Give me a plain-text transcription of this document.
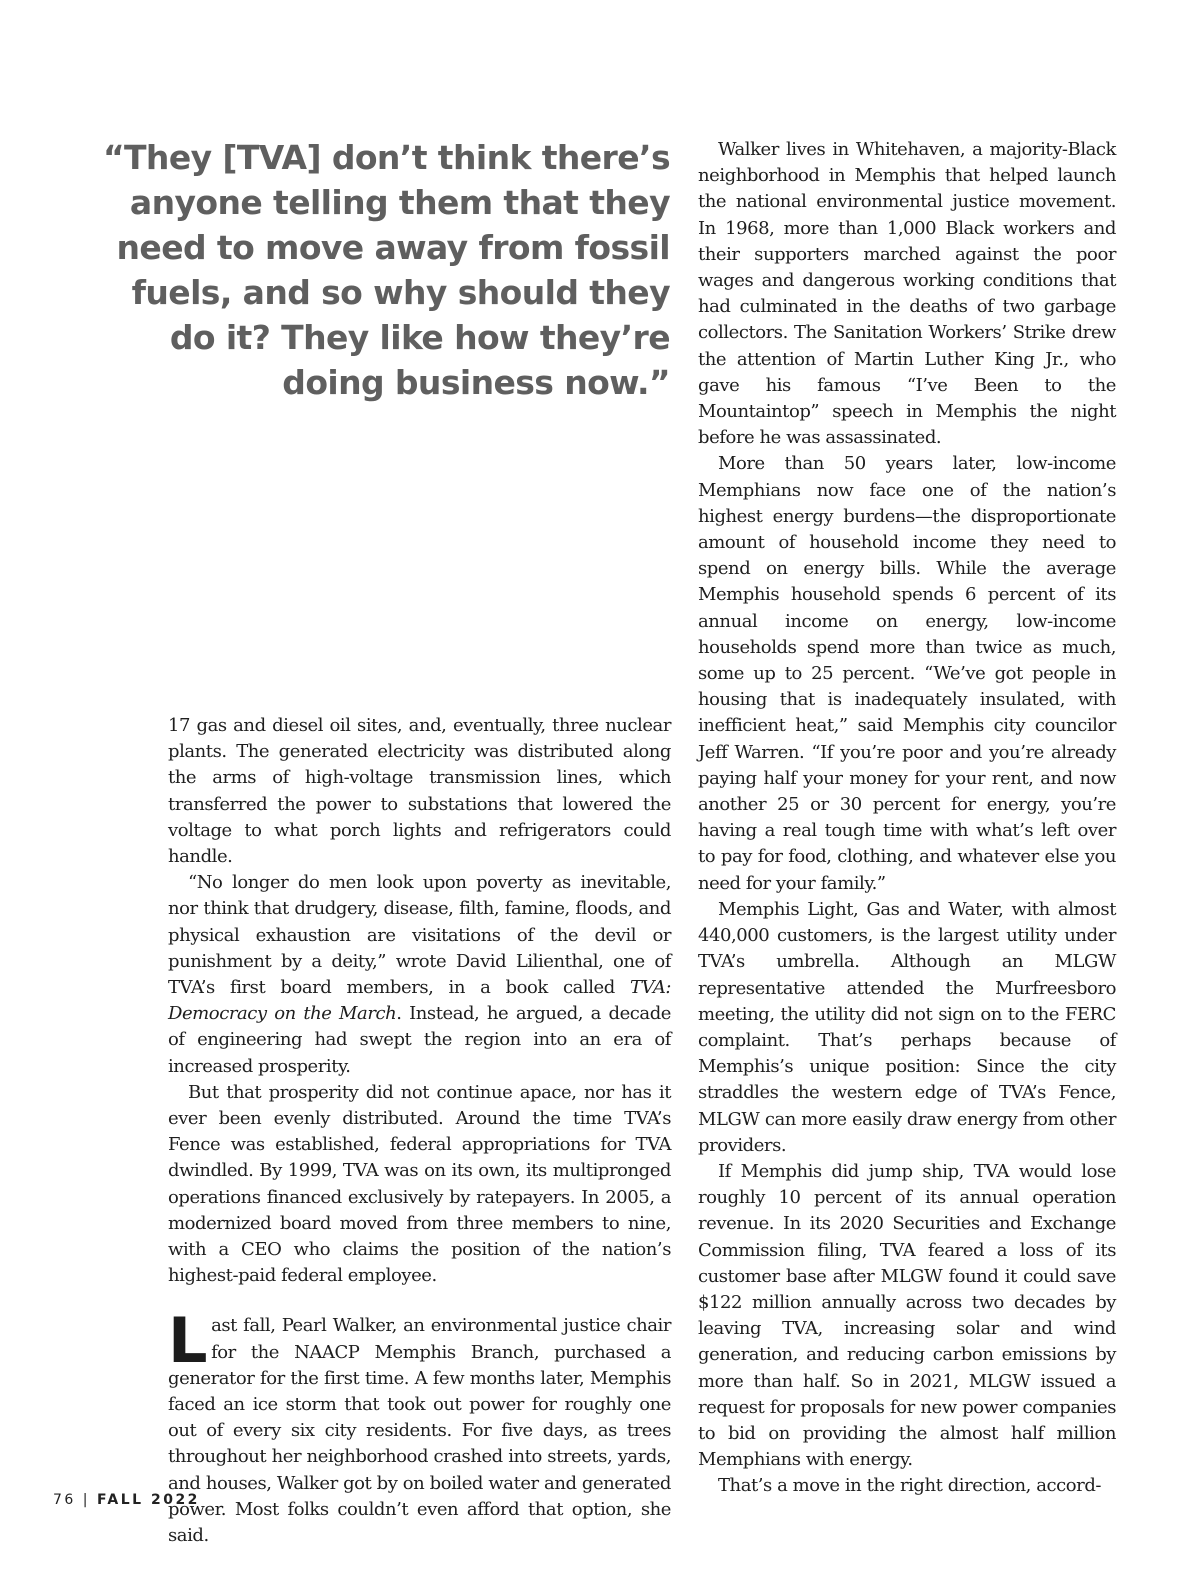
“They [TVA] don’t think there’s anyone telling them that they need to move away from fossil fuels, and so why should they do it? They like how they’re doing business now.”

17 gas and diesel oil sites, and, eventually, three nuclear plants. The generated electricity was distributed along the arms of high-voltage transmission lines, which transferred the power to substations that lowered the voltage to what porch lights and refrigerators could handle.

“No longer do men look upon poverty as inevitable, nor think that drudgery, disease, filth, famine, floods, and physical exhaustion are visitations of the devil or punishment by a deity,” wrote David Lilienthal, one of TVA’s first board members, in a book called TVA: Democracy on the March. Instead, he argued, a decade of engineering had swept the region into an era of increased prosperity.

But that prosperity did not continue apace, nor has it ever been evenly distributed. Around the time TVA’s Fence was established, federal appropriations for TVA dwindled. By 1999, TVA was on its own, its multipronged operations financed exclusively by ratepayers. In 2005, a modernized board moved from three members to nine, with a CEO who claims the position of the nation’s highest-paid federal employee.

Last fall, Pearl Walker, an environmental justice chair for the NAACP Memphis Branch, purchased a generator for the first time. A few months later, Memphis faced an ice storm that took out power for roughly one out of every six city residents. For five days, as trees throughout her neighborhood crashed into streets, yards, and houses, Walker got by on boiled water and generated power. Most folks couldn’t even afford that option, she said.

Walker lives in Whitehaven, a majority-Black neighborhood in Memphis that helped launch the national environmental justice movement. In 1968, more than 1,000 Black workers and their supporters marched against the poor wages and dangerous working conditions that had culminated in the deaths of two garbage collectors. The Sanitation Workers’ Strike drew the attention of Martin Luther King Jr., who gave his famous “I’ve Been to the Mountaintop” speech in Memphis the night before he was assassinated.

More than 50 years later, low-income Memphians now face one of the nation’s highest energy burdens—the disproportionate amount of household income they need to spend on energy bills. While the average Memphis household spends 6 percent of its annual income on energy, low-income households spend more than twice as much, some up to 25 percent. “We’ve got people in housing that is inadequately insulated, with inefficient heat,” said Memphis city councilor Jeff Warren. “If you’re poor and you’re already paying half your money for your rent, and now another 25 or 30 percent for energy, you’re having a real tough time with what’s left over to pay for food, clothing, and whatever else you need for your family.”

Memphis Light, Gas and Water, with almost 440,000 customers, is the largest utility under TVA’s umbrella. Although an MLGW representative attended the Murfreesboro meeting, the utility did not sign on to the FERC complaint. That’s perhaps because of Memphis’s unique position: Since the city straddles the western edge of TVA’s Fence, MLGW can more easily draw energy from other providers.

If Memphis did jump ship, TVA would lose roughly 10 percent of its annual operation revenue. In its 2020 Securities and Exchange Commission filing, TVA feared a loss of its customer base after MLGW found it could save $122 million annually across two decades by leaving TVA, increasing solar and wind generation, and reducing carbon emissions by more than half. So in 2021, MLGW issued a request for proposals for new power companies to bid on providing the almost half million Memphians with energy.

That’s a move in the right direction, accord-

76 | FALL 2022
